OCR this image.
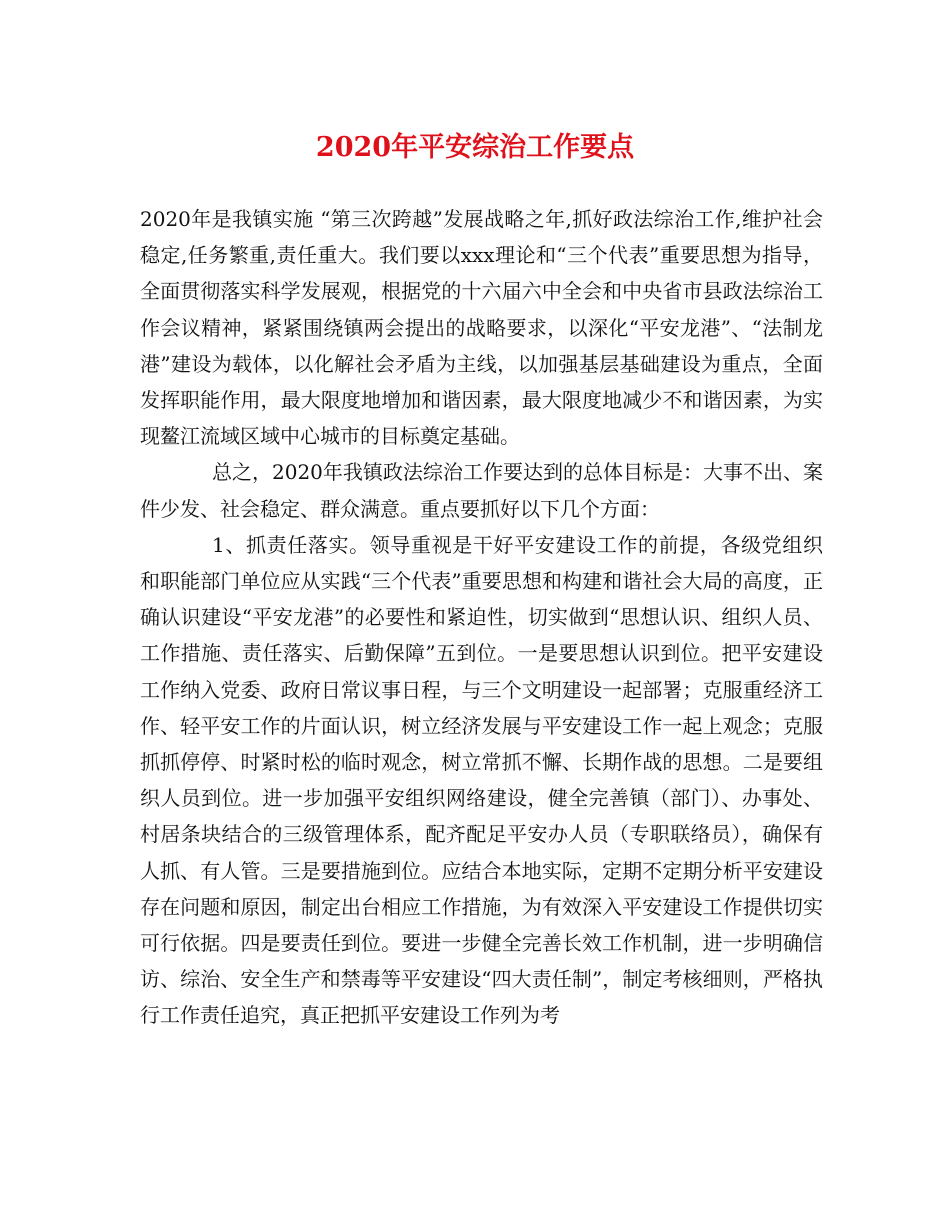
2020年平安综治工作要点

2020年是我镇实施 “第三次跨越”发展战略之年,抓好政法综治工作,维护社会稳定,任务繁重,责任重大。我们要以xxx理论和“三个代表”重要思想为指导，全面贯彻落实科学发展观，根据党的十六届六中全会和中央省市县政法综治工作会议精神，紧紧围绕镇两会提出的战略要求，以深化“平安龙港”、“法制龙港”建设为载体，以化解社会矛盾为主线，以加强基层基础建设为重点，全面发挥职能作用，最大限度地增加和谐因素，最大限度地减少不和谐因素，为实现鳌江流域区域中心城市的目标奠定基础。

总之，2020年我镇政法综治工作要达到的总体目标是：大事不出、案件少发、社会稳定、群众满意。重点要抓好以下几个方面：

1、抓责任落实。领导重视是干好平安建设工作的前提，各级党组织和职能部门单位应从实践“三个代表”重要思想和构建和谐社会大局的高度，正确认识建设“平安龙港”的必要性和紧迫性，切实做到“思想认识、组织人员、工作措施、责任落实、后勤保障”五到位。一是要思想认识到位。把平安建设工作纳入党委、政府日常议事日程，与三个文明建设一起部署；克服重经济工作、轻平安工作的片面认识，树立经济发展与平安建设工作一起上观念；克服抓抓停停、时紧时松的临时观念，树立常抓不懈、长期作战的思想。二是要组织人员到位。进一步加强平安组织网络建设，健全完善镇（部门）、办事处、村居条块结合的三级管理体系，配齐配足平安办人员（专职联络员），确保有人抓、有人管。三是要措施到位。应结合本地实际，定期不定期分析平安建设存在问题和原因，制定出台相应工作措施，为有效深入平安建设工作提供切实可行依据。四是要责任到位。要进一步健全完善长效工作机制，进一步明确信访、综治、安全生产和禁毒等平安建设“四大责任制”，制定考核细则，严格执行工作责任追究，真正把抓平安建设工作列为考
